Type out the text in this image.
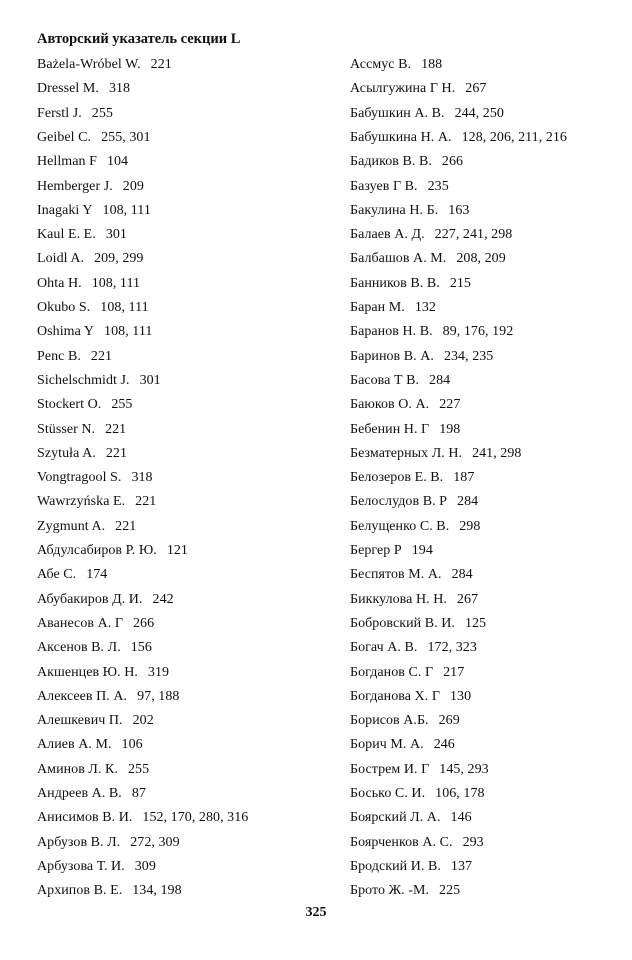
Авторский указатель секции L
Bażela-Wróbel W. 221
Dressel M. 318
Ferstl J. 255
Geibel C. 255, 301
Hellman F 104
Hemberger J. 209
Inagaki Y 108, 111
Kaul E. E. 301
Loidl A. 209, 299
Ohta H. 108, 111
Okubo S. 108, 111
Oshima Y 108, 111
Penc B. 221
Sichelschmidt J. 301
Stockert O. 255
Stüsser N. 221
Szytuła A. 221
Vongtragool S. 318
Wawrzyńska E. 221
Zygmunt A. 221
Абдулсабиров Р. Ю. 121
Абе С. 174
Абубакиров Д. И. 242
Аванесов А. Г 266
Аксенов В. Л. 156
Акшенцев Ю. Н. 319
Алексеев П. А. 97, 188
Алешкевич П. 202
Алиев А. М. 106
Аминов Л. К. 255
Андреев А. В. 87
Анисимов В. И. 152, 170, 280, 316
Арбузов В. Л. 272, 309
Арбузова Т. И. 309
Архипов В. Е. 134, 198
Ассмус В. 188
Асылгужина Г Н. 267
Бабушкин А. В. 244, 250
Бабушкина Н. А. 128, 206, 211, 216
Бадиков В. В. 266
Базуев Г В. 235
Бакулина Н. Б. 163
Балаев А. Д. 227, 241, 298
Балбашов А. М. 208, 209
Банников В. В. 215
Баран М. 132
Баранов Н. В. 89, 176, 192
Баринов В. А. 234, 235
Басова Т В. 284
Баюков О. А. 227
Бебенин Н. Г 198
Безматерных Л. Н. 241, 298
Белозеров Е. В. 187
Белослудов В. Р 284
Белущенко С. В. 298
Бергер Р 194
Беспятов М. А. 284
Биккулова Н. Н. 267
Бобровский В. И. 125
Богач А. В. 172, 323
Богданов С. Г 217
Богданова Х. Г 130
Борисов А.Б. 269
Борич М. А. 246
Бострем И. Г 145, 293
Босько С. И. 106, 178
Боярский Л. А. 146
Боярченков А. С. 293
Бродский И. В. 137
Брото Ж. -М. 225
325
